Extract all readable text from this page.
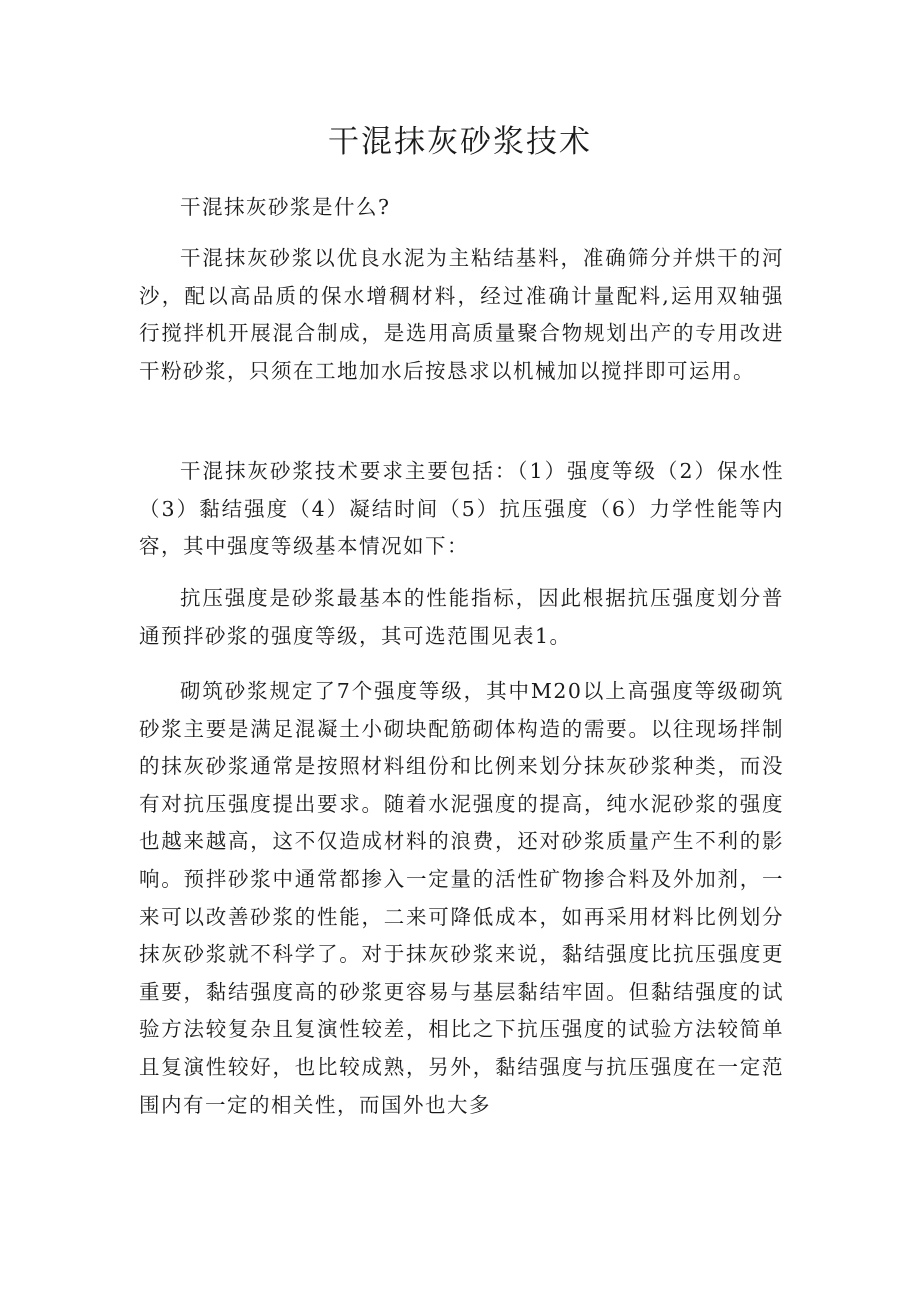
干混抹灰砂浆技术

干混抹灰砂浆是什么?

干混抹灰砂浆以优良水泥为主粘结基料，准确筛分并烘干的河沙，配以高品质的保水增稠材料，经过准确计量配料,运用双轴强行搅拌机开展混合制成，是选用高质量聚合物规划出产的专用改进干粉砂浆，只须在工地加水后按恳求以机械加以搅拌即可运用。

干混抹灰砂浆技术要求主要包括：（1）强度等级（2）保水性（3）黏结强度（4）凝结时间（5）抗压强度（6）力学性能等内容，其中强度等级基本情况如下：

抗压强度是砂浆最基本的性能指标，因此根据抗压强度划分普通预拌砂浆的强度等级，其可选范围见表1。

砌筑砂浆规定了7个强度等级，其中M20以上高强度等级砌筑砂浆主要是满足混凝土小砌块配筋砌体构造的需要。以往现场拌制的抹灰砂浆通常是按照材料组份和比例来划分抹灰砂浆种类，而没有对抗压强度提出要求。随着水泥强度的提高，纯水泥砂浆的强度也越来越高，这不仅造成材料的浪费，还对砂浆质量产生不利的影响。预拌砂浆中通常都掺入一定量的活性矿物掺合料及外加剂，一来可以改善砂浆的性能，二来可降低成本，如再采用材料比例划分抹灰砂浆就不科学了。对于抹灰砂浆来说，黏结强度比抗压强度更重要，黏结强度高的砂浆更容易与基层黏结牢固。但黏结强度的试验方法较复杂且复演性较差，相比之下抗压强度的试验方法较简单且复演性较好，也比较成熟，另外，黏结强度与抗压强度在一定范围内有一定的相关性，而国外也大多
